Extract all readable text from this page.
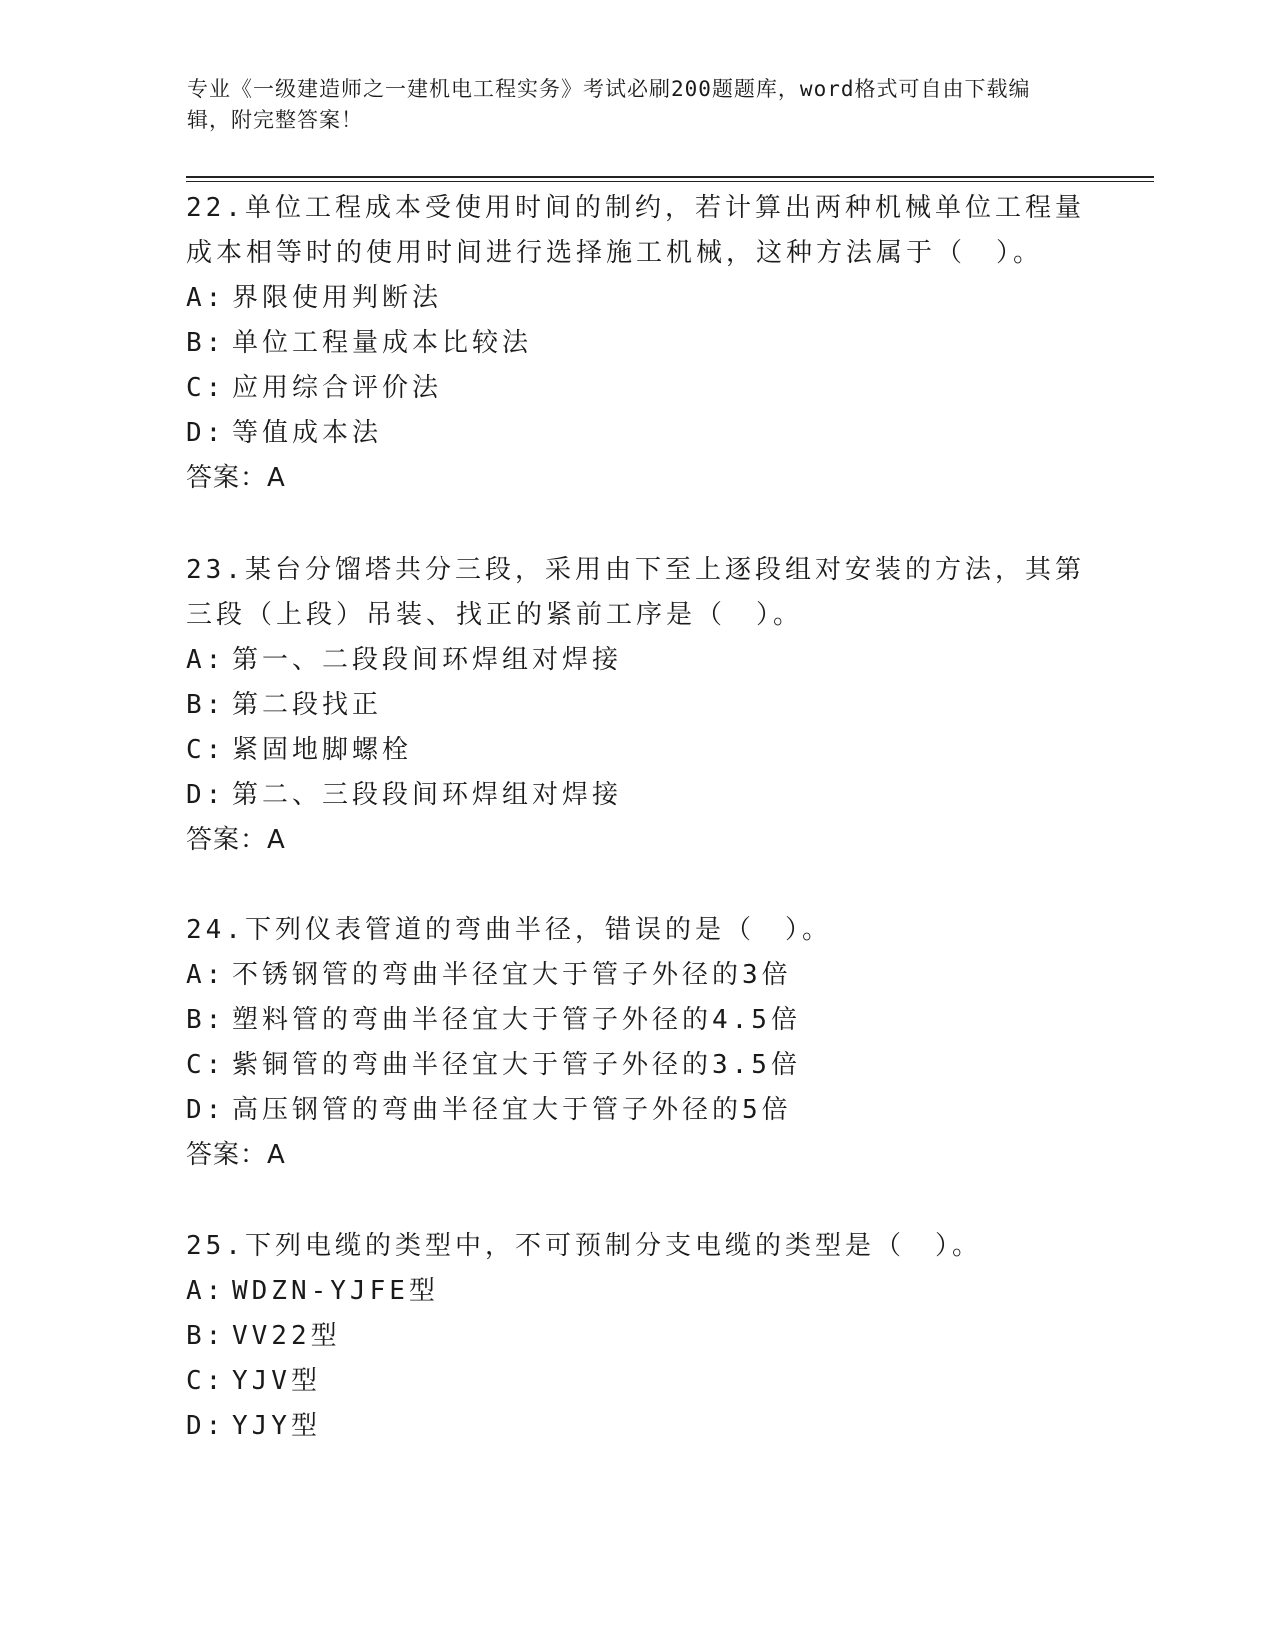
专业《一级建造师之一建机电工程实务》考试必刷200题题库，word格式可自由下载编辑，附完整答案！

22.单位工程成本受使用时间的制约，若计算出两种机械单位工程量成本相等时的使用时间进行选择施工机械，这种方法属于（　）。

A: 界限使用判断法

B: 单位工程量成本比较法

C: 应用综合评价法

D: 等值成本法

答案：A

23.某台分馏塔共分三段，采用由下至上逐段组对安装的方法，其第三段（上段）吊装、找正的紧前工序是（　）。

A: 第一、二段段间环焊组对焊接

B: 第二段找正

C: 紧固地脚螺栓

D: 第二、三段段间环焊组对焊接

答案：A

24.下列仪表管道的弯曲半径，错误的是（　）。

A: 不锈钢管的弯曲半径宜大于管子外径的3倍

B: 塑料管的弯曲半径宜大于管子外径的4.5倍

C: 紫铜管的弯曲半径宜大于管子外径的3.5倍

D: 高压钢管的弯曲半径宜大于管子外径的5倍

答案：A

25.下列电缆的类型中，不可预制分支电缆的类型是（　）。

A: WDZN-YJFE型

B: VV22型

C: YJV型

D: YJY型
